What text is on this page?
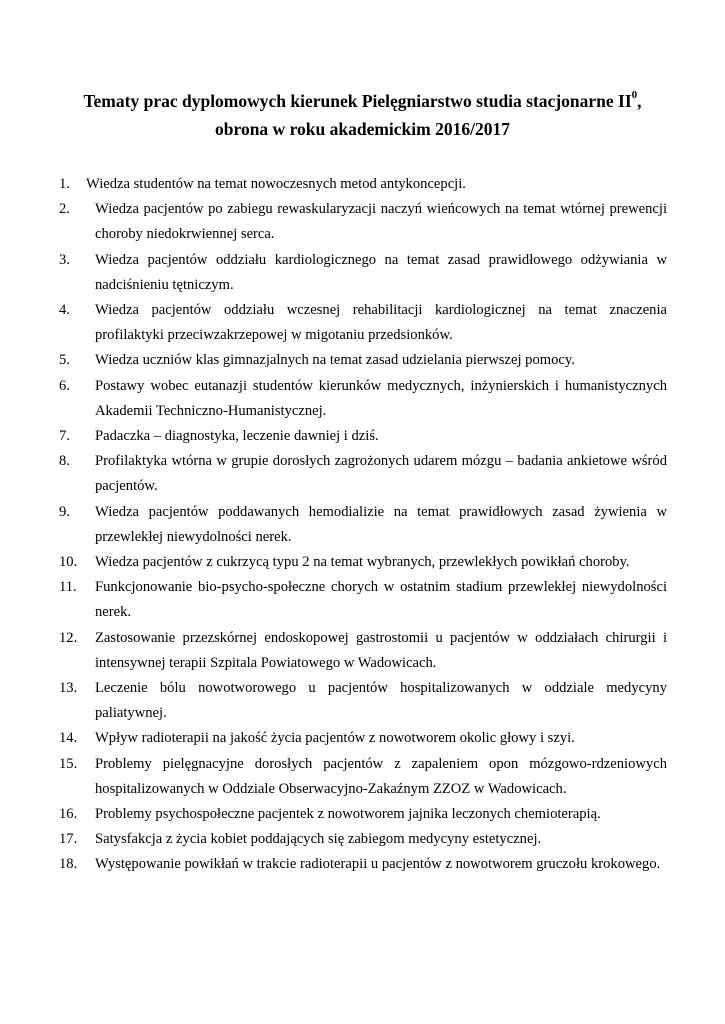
Tematy prac dyplomowych kierunek Pielęgniarstwo studia stacjonarne $II^0$,
obrona w roku akademickim 2016/2017
1.	Wiedza studentów na temat nowoczesnych metod antykoncepcji.
2.	Wiedza pacjentów po zabiegu rewaskularyzacji naczyń wieńcowych na temat wtórnej prewencji choroby niedokrwiennej serca.
3.	Wiedza pacjentów oddziału kardiologicznego na temat zasad prawidłowego odżywiania w nadciśnieniu tętniczym.
4.	Wiedza pacjentów oddziału wczesnej rehabilitacji kardiologicznej na temat znaczenia profilaktyki przeciwzakrzepowej w migotaniu przedsionków.
5.	Wiedza uczniów klas gimnazjalnych na temat zasad udzielania pierwszej pomocy.
6.	Postawy wobec eutanazji studentów kierunków medycznych, inżynierskich i humanistycznych Akademii Techniczno-Humanistycznej.
7.	Padaczka – diagnostyka, leczenie dawniej i dziś.
8.	Profilaktyka wtórna w grupie dorosłych zagrożonych udarem mózgu – badania ankietowe wśród pacjentów.
9.	Wiedza pacjentów poddawanych hemodializie na temat prawidłowych zasad żywienia w przewlekłej niewydolności nerek.
10.	Wiedza pacjentów z cukrzycą typu 2 na temat wybranych, przewlekłych powikłań choroby.
11.	Funkcjonowanie bio-psycho-społeczne chorych w ostatnim stadium przewlekłej niewydolności nerek.
12.	Zastosowanie przezskórnej endoskopowej gastrostomii u pacjentów w oddziałach chirurgii i intensywnej terapii Szpitala Powiatowego w Wadowicach.
13.	Leczenie bólu nowotworowego u pacjentów hospitalizowanych w oddziale medycyny paliatywnej.
14.	Wpływ radioterapii na jakość życia pacjentów z nowotworem okolic głowy i szyi.
15.	Problemy pielęgnacyjne dorosłych pacjentów z zapaleniem opon mózgowo-rdzeniowych hospitalizowanych w Oddziale Obserwacyjno-Zakaźnym ZZOZ w Wadowicach.
16.	Problemy psychospołeczne pacjentek z nowotworem jajnika leczonych chemioterapią.
17.	Satysfakcja z życia kobiet poddających się zabiegom medycyny estetycznej.
18.	Występowanie powikłań w trakcie radioterapii u pacjentów z nowotworem gruczołu krokowego.
